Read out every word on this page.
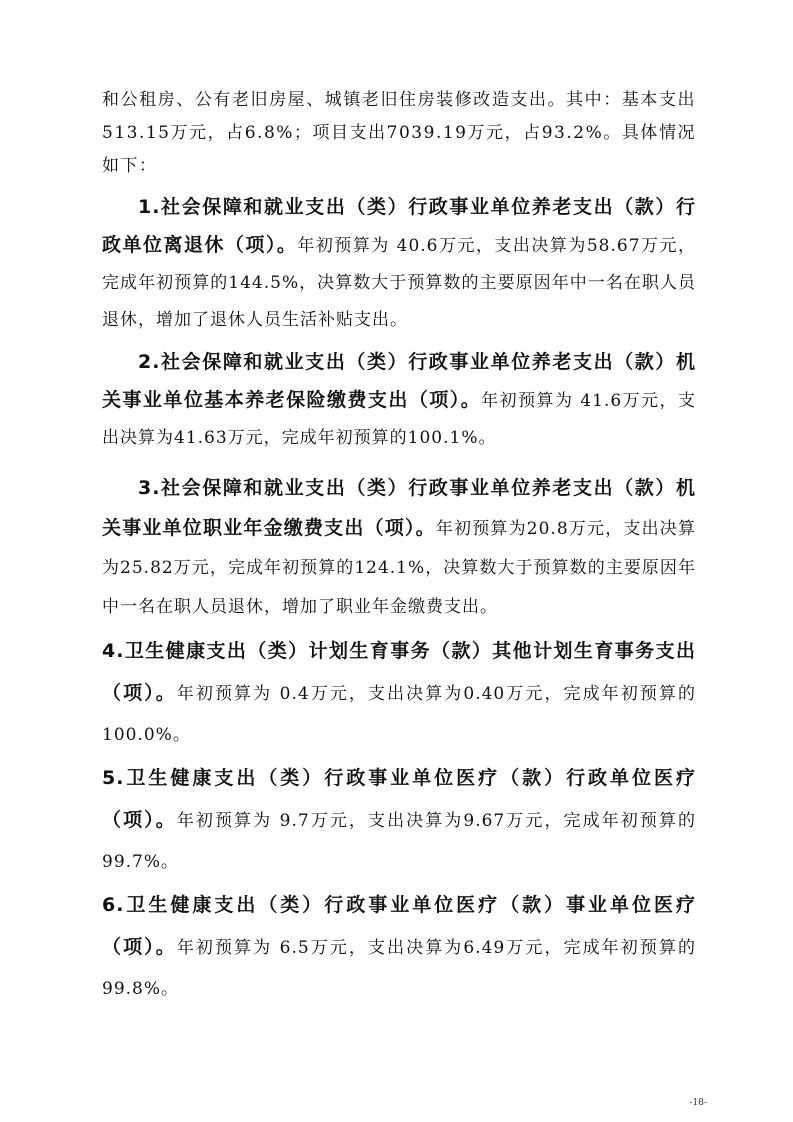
和公租房、公有老旧房屋、城镇老旧住房装修改造支出。其中：基本支出513.15万元，占6.8%；项目支出7039.19万元，占93.2%。具体情况如下：

1.社会保障和就业支出（类）行政事业单位养老支出（款）行政单位离退休（项）。年初预算为 40.6万元，支出决算为58.67万元，完成年初预算的144.5%，决算数大于预算数的主要原因年中一名在职人员退休，增加了退休人员生活补贴支出。

2.社会保障和就业支出（类）行政事业单位养老支出（款）机关事业单位基本养老保险缴费支出（项）。年初预算为 41.6万元，支出决算为41.63万元，完成年初预算的100.1%。

3.社会保障和就业支出（类）行政事业单位养老支出（款）机关事业单位职业年金缴费支出（项）。年初预算为20.8万元，支出决算为25.82万元，完成年初预算的124.1%，决算数大于预算数的主要原因年中一名在职人员退休，增加了职业年金缴费支出。

4.卫生健康支出（类）计划生育事务（款）其他计划生育事务支出（项）。年初预算为 0.4万元，支出决算为0.40万元，完成年初预算的100.0%。

5.卫生健康支出（类）行政事业单位医疗（款）行政单位医疗（项）。年初预算为 9.7万元，支出决算为9.67万元，完成年初预算的99.7%。

6.卫生健康支出（类）行政事业单位医疗（款）事业单位医疗（项）。年初预算为 6.5万元，支出决算为6.49万元，完成年初预算的99.8%。

-18-
